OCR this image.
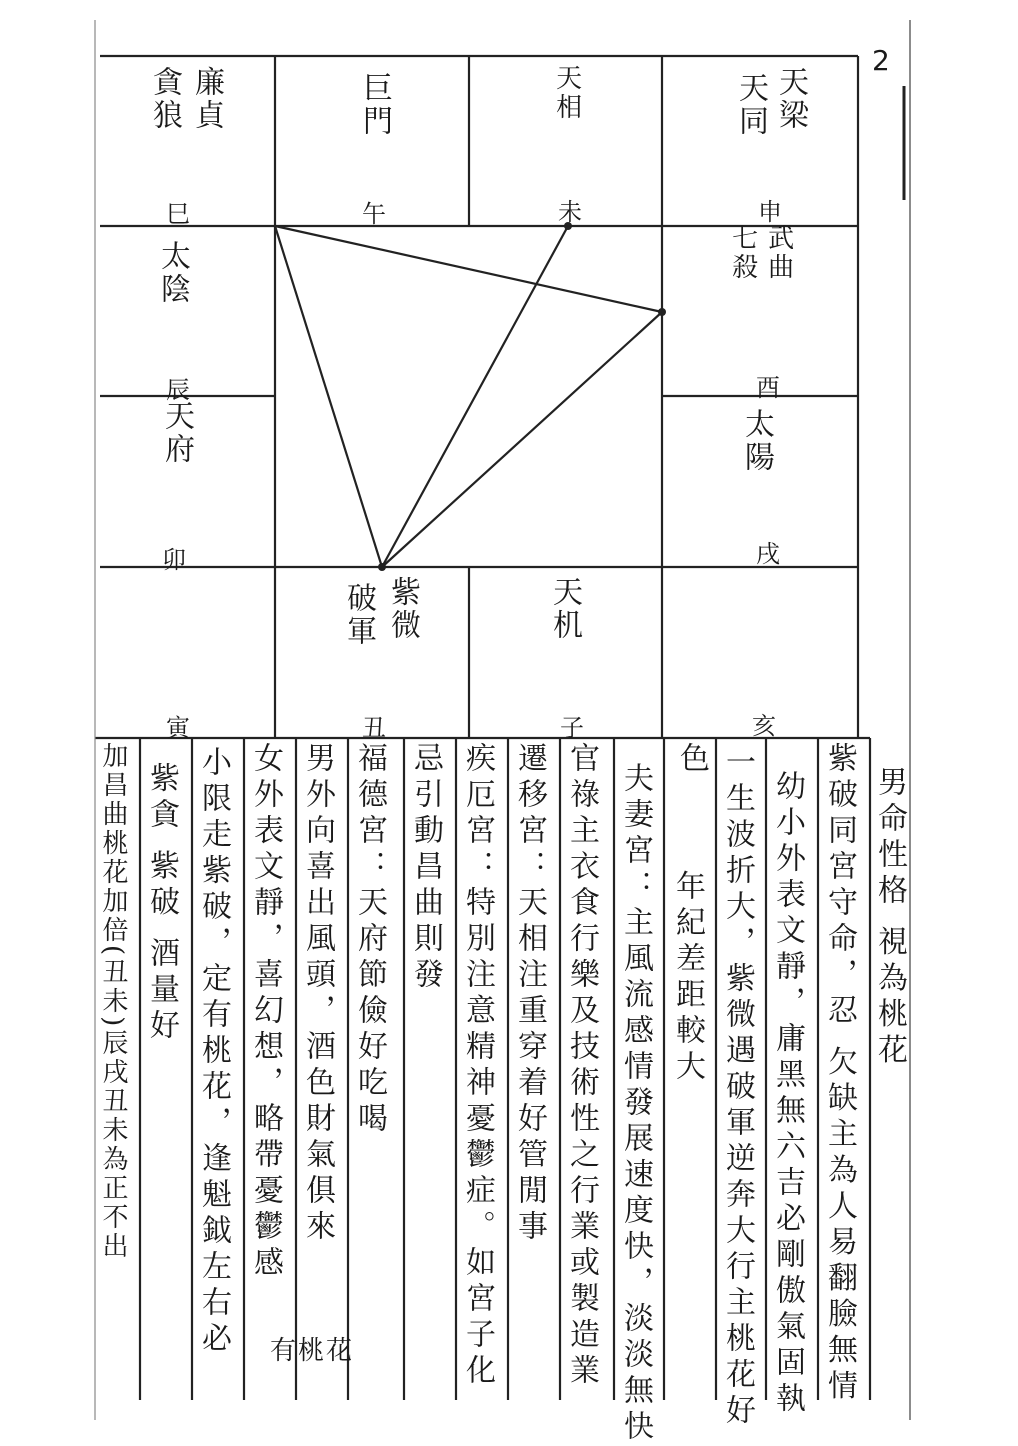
2
廉貞
貪狼
巳
巨門
午
天相
未
天梁
天同
申
太陰
辰
武曲
七殺
酉
天府
卯
太陽
戌
寅
紫微
破軍
丑
天机
子	亥
男命性格 視為桃花
紫破同宮守命，忍 欠缺主為人易翻臉無情
幼小外表文靜，庸黑無六吉必剛傲氣固執
一生波折大，紫微遇破軍逆奔大行主桃花好
色
年紀差距較大
夫妻宮：主風流感情發展速度快，淡淡無快
官祿主衣食行樂及技術性之行業或製造業
遷移宮：天相注重穿着好管閒事
疾厄宮：特別注意精神憂鬱症。如宮子化
忌引動昌曲則發
福德宮：天府節儉好吃喝
男外向喜出風頭，酒色財氣俱來
女外表文靜，喜幻想，略帶憂鬱感
小限走紫破，定有桃花，逢魁鉞左右必
紫貪 紫破 酒量好
加昌曲桃花加倍(丑未)辰戌丑未為正不出
有桃花
